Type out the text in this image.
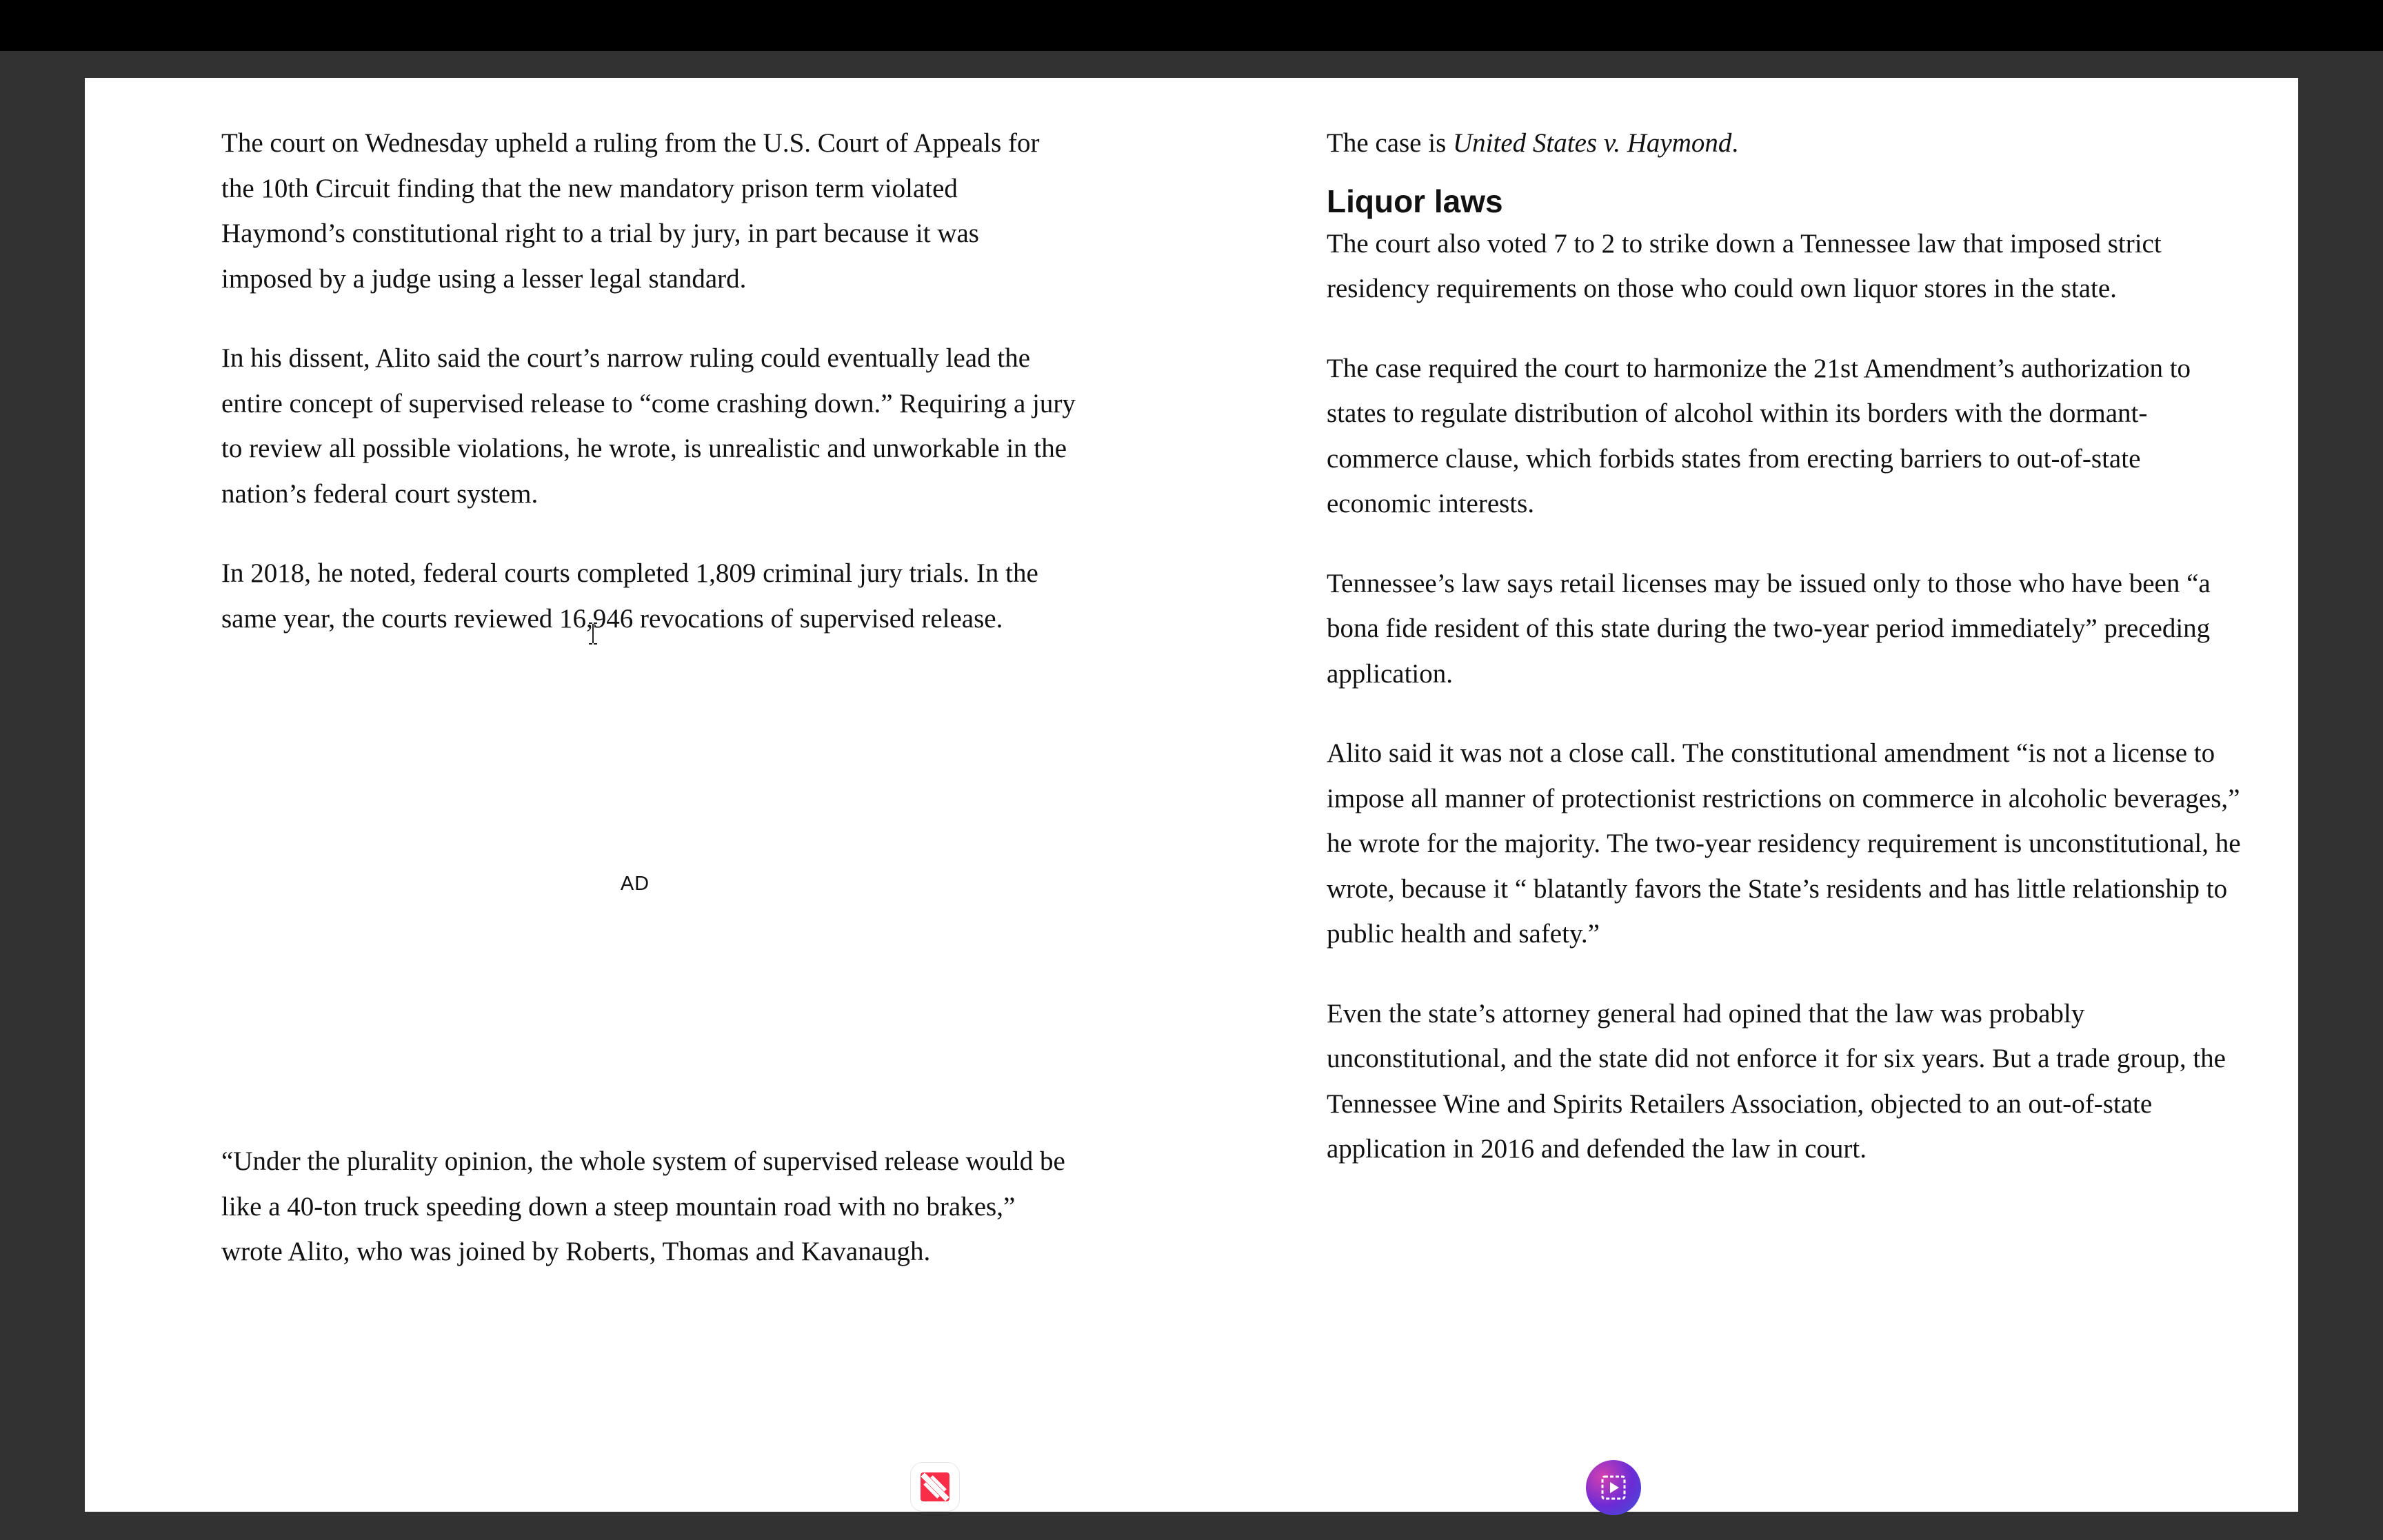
The court on Wednesday upheld a ruling from the U.S. Court of Appeals for the 10th Circuit finding that the new mandatory prison term violated Haymond’s constitutional right to a trial by jury, in part because it was imposed by a judge using a lesser legal standard.

In his dissent, Alito said the court’s narrow ruling could eventually lead the entire concept of supervised release to “come crashing down.” Requiring a jury to review all possible violations, he wrote, is unrealistic and unworkable in the nation’s federal court system.

In 2018, he noted, federal courts completed 1,809 criminal jury trials. In the same year, the courts reviewed 16,946 revocations of supervised release.

AD

“Under the plurality opinion, the whole system of supervised release would be like a 40-ton truck speeding down a steep mountain road with no brakes,” wrote Alito, who was joined by Roberts, Thomas and Kavanaugh.

The case is United States v. Haymond.

Liquor laws

The court also voted 7 to 2 to strike down a Tennessee law that imposed strict residency requirements on those who could own liquor stores in the state.

The case required the court to harmonize the 21st Amendment’s authorization to states to regulate distribution of alcohol within its borders with the dormant-commerce clause, which forbids states from erecting barriers to out-of-state economic interests.

Tennessee’s law says retail licenses may be issued only to those who have been “a bona fide resident of this state during the two-year period immediately” preceding application.

Alito said it was not a close call. The constitutional amendment “is not a license to impose all manner of protectionist restrictions on commerce in alcoholic beverages,” he wrote for the majority. The two-year residency requirement is unconstitutional, he wrote, because it “ blatantly favors the State’s residents and has little relationship to public health and safety.”

Even the state’s attorney general had opined that the law was probably unconstitutional, and the state did not enforce it for six years. But a trade group, the Tennessee Wine and Spirits Retailers Association, objected to an out-of-state application in 2016 and defended the law in court.
